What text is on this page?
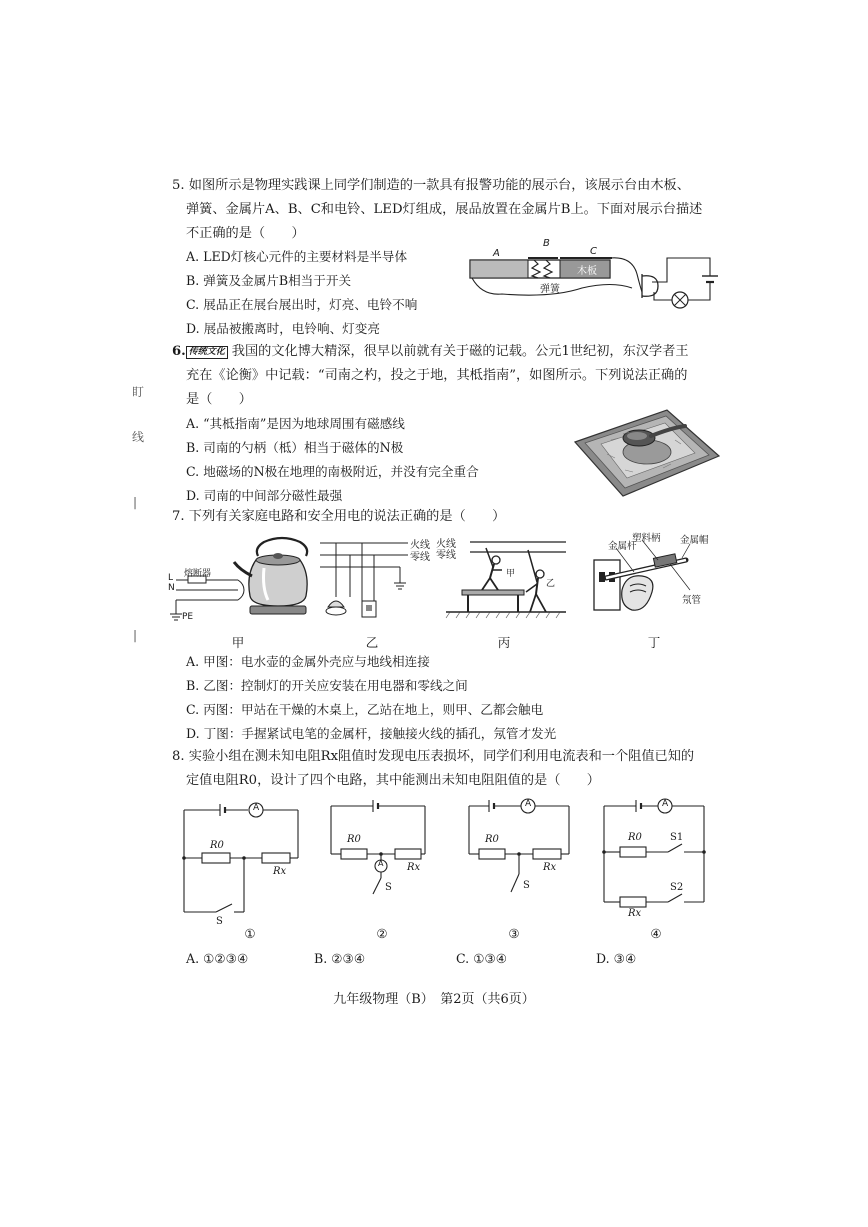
盯
线
|
|
5. 如图所示是物理实践课上同学们制造的一款具有报警功能的展示台，该展示台由木板、
弹簧、金属片A、B、C和电铃、LED灯组成，展品放置在金属片B上。下面对展示台描述
不正确的是（　　）
A. LED灯核心元件的主要材料是半导体
B. 弹簧及金属片B相当于开关
C. 展品正在展台展出时，灯亮、电铃不响
D. 展品被搬离时，电铃响、灯变亮
A
B
C
木板
弹簧
6. 传统文化 我国的文化博大精深，很早以前就有关于磁的记载。公元1世纪初，东汉学者王
充在《论衡》中记载：“司南之杓，投之于地，其柢指南”，如图所示。下列说法正确的
是（　　）
A. “其柢指南”是因为地球周围有磁感线
B. 司南的勺柄（柢）相当于磁体的N极
C. 地磁场的N极在地理的南极附近，并没有完全重合
D. 司南的中间部分磁性最强
7. 下列有关家庭电路和安全用电的说法正确的是（　　）
熔断器
L
N
PE
火线
零线
火线
零线
甲
乙
金属杆
塑料柄 金属帽
氖管
甲	乙	丙	丁
A. 甲图：电水壶的金属外壳应与地线相连接
B. 乙图：控制灯的开关应安装在用电器和零线之间
C. 丙图：甲站在干燥的木桌上，乙站在地上，则甲、乙都会触电
D. 丁图：手握紧试电笔的金属杆，接触接火线的插孔，氖管才发光
8. 实验小组在测未知电阻Rx阻值时发现电压表损坏，同学们利用电流表和一个阻值已知的
定值电阻R0，设计了四个电路，其中能测出未知电阻阻值的是（　　）
A
R0
Rx
S
R0
Rx
A
S
A
R0
Rx
S
A
R0	S1
S2
Rx
①	②	③	④
A. ①②③④	B. ②③④	C. ①③④	D. ③④
九年级物理（B）　第2页（共6页）
